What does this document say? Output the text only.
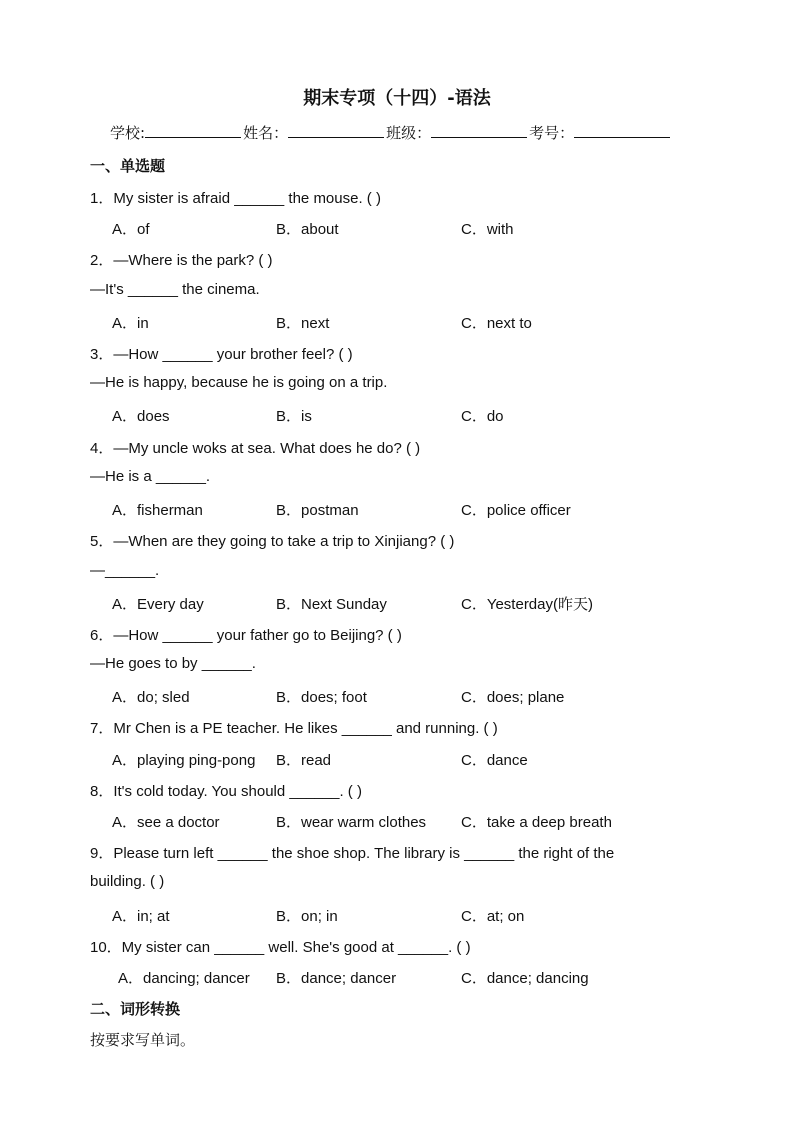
期末专项（十四）-语法
学校:	姓名：	班级：	考号：
一、单选题
1．My sister is afraid ______ the mouse. ( )
A．of	B．about	C．with
2．—Where is the park? ( )
—It's ______ the cinema.
A．in	B．next	C．next to
3．—How ______ your brother feel? ( )
—He is happy, because he is going on a trip.
A．does	B．is	C．do
4．—My uncle woks at sea. What does he do? ( )
—He is a ______.
A．fisherman	B．postman	C．police officer
5．—When are they going to take a trip to Xinjiang? ( )
—______.
A．Every day	B．Next Sunday	C．Yesterday(昨天)
6．—How ______ your father go to Beijing? ( )
—He goes to by ______.
A．do; sled	B．does; foot	C．does; plane
7．Mr Chen is a PE teacher. He likes ______ and running. ( )
A．playing ping-pong B．read	C．dance
8．It's cold today. You should ______. ( )
A．see a doctor	B．wear warm clothes C．take a deep breath
9．Please turn left ______ the shoe shop. The library is ______ the right of the
building. ( )
A．in; at	B．on; in	C．at; on
10．My sister can ______ well. She's good at ______. ( )
A．dancing; dancer B．dance; dancer	C．dance; dancing
二、词形转换
按要求写单词。
